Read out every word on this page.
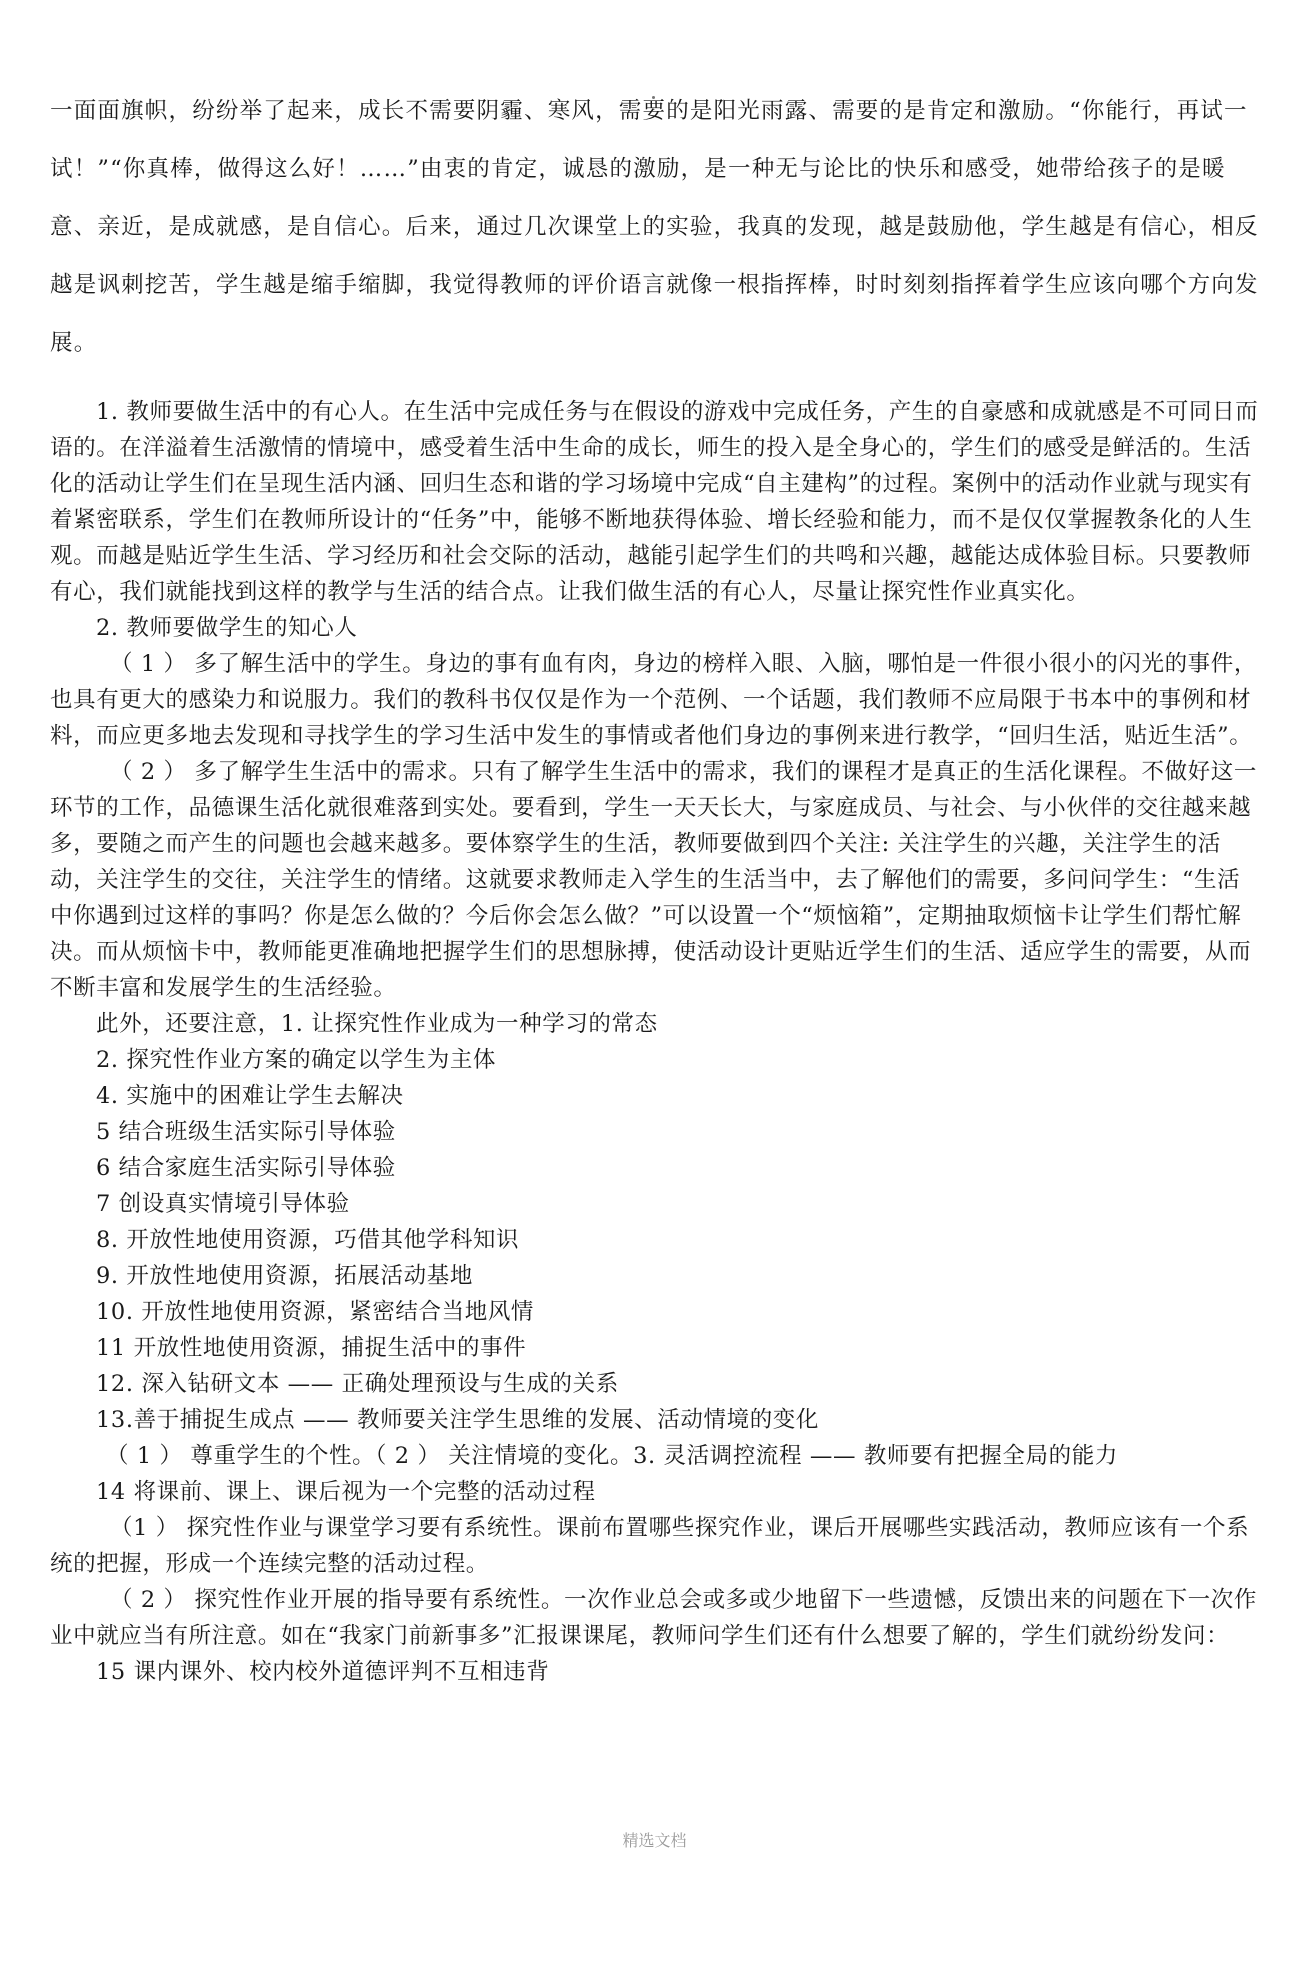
一面面旗帜，纷纷举了起来，成长不需要阴霾、寒风，需要的是阳光雨露、需要的是肯定和激励。“你能行，再试一试！”“你真棒，做得这么好！……”由衷的肯定，诚恳的激励，是一种无与论比的快乐和感受，她带给孩子的是暖意、亲近，是成就感，是自信心。后来，通过几次课堂上的实验，我真的发现，越是鼓励他，学生越是有信心，相反越是讽刺挖苦，学生越是缩手缩脚，我觉得教师的评价语言就像一根指挥棒，时时刻刻指挥着学生应该向哪个方向发展。

1. 教师要做生活中的有心人。在生活中完成任务与在假设的游戏中完成任务，产生的自豪感和成就感是不可同日而语的。在洋溢着生活激情的情境中，感受着生活中生命的成长，师生的投入是全身心的，学生们的感受是鲜活的。生活化的活动让学生们在呈现生活内涵、回归生态和谐的学习场境中完成“自主建构”的过程。案例中的活动作业就与现实有着紧密联系，学生们在教师所设计的“任务”中，能够不断地获得体验、增长经验和能力，而不是仅仅掌握教条化的人生观。而越是贴近学生生活、学习经历和社会交际的活动，越能引起学生们的共鸣和兴趣，越能达成体验目标。只要教师有心，我们就能找到这样的教学与生活的结合点。让我们做生活的有心人，尽量让探究性作业真实化。

2. 教师要做学生的知心人

（ 1 ） 多了解生活中的学生。身边的事有血有肉，身边的榜样入眼、入脑，哪怕是一件很小很小的闪光的事件，也具有更大的感染力和说服力。我们的教科书仅仅是作为一个范例、一个话题，我们教师不应局限于书本中的事例和材料，而应更多地去发现和寻找学生的学习生活中发生的事情或者他们身边的事例来进行教学，“回归生活，贴近生活”。

（ 2 ） 多了解学生生活中的需求。只有了解学生生活中的需求，我们的课程才是真正的生活化课程。不做好这一环节的工作，品德课生活化就很难落到实处。要看到，学生一天天长大，与家庭成员、与社会、与小伙伴的交往越来越多，要随之而产生的问题也会越来越多。要体察学生的生活，教师要做到四个关注: 关注学生的兴趣，关注学生的活动，关注学生的交往，关注学生的情绪。这就要求教师走入学生的生活当中，去了解他们的需要，多问问学生：“生活中你遇到过这样的事吗？你是怎么做的？今后你会怎么做？”可以设置一个“烦恼箱”，定期抽取烦恼卡让学生们帮忙解决。而从烦恼卡中，教师能更准确地把握学生们的思想脉搏，使活动设计更贴近学生们的生活、适应学生的需要，从而不断丰富和发展学生的生活经验。

此外，还要注意，1. 让探究性作业成为一种学习的常态

2. 探究性作业方案的确定以学生为主体

4. 实施中的困难让学生去解决

5 结合班级生活实际引导体验

6 结合家庭生活实际引导体验

7 创设真实情境引导体验

8. 开放性地使用资源，巧借其他学科知识

9. 开放性地使用资源，拓展活动基地

10. 开放性地使用资源，紧密结合当地风情

11 开放性地使用资源，捕捉生活中的事件

12. 深入钻研文本 —— 正确处理预设与生成的关系

13.善于捕捉生成点 —— 教师要关注学生思维的发展、活动情境的变化

（ 1 ） 尊重学生的个性。（ 2 ） 关注情境的变化。3. 灵活调控流程 —— 教师要有把握全局的能力

14 将课前、课上、课后视为一个完整的活动过程

（1 ） 探究性作业与课堂学习要有系统性。课前布置哪些探究作业，课后开展哪些实践活动，教师应该有一个系统的把握，形成一个连续完整的活动过程。

（ 2 ） 探究性作业开展的指导要有系统性。一次作业总会或多或少地留下一些遗憾，反馈出来的问题在下一次作业中就应当有所注意。如在“我家门前新事多”汇报课课尾，教师问学生们还有什么想要了解的，学生们就纷纷发问：

15 课内课外、校内校外道德评判不互相违背

精选文档
